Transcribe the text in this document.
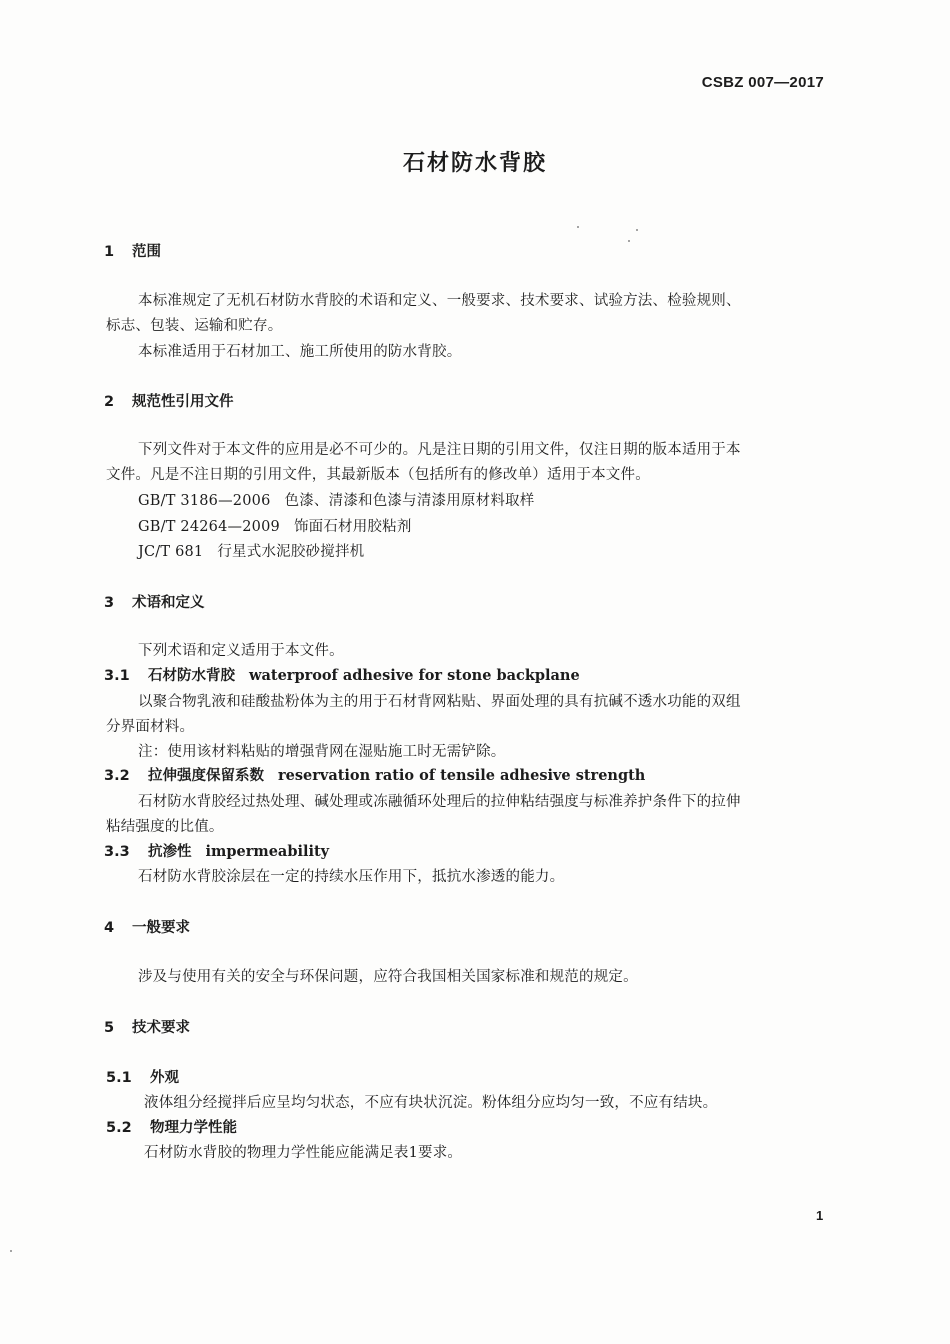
CSBZ 007—2017
石材防水背胶
1 范围
本标准规定了无机石材防水背胶的术语和定义、一般要求、技术要求、试验方法、检验规则、
标志、包装、运输和贮存。
本标准适用于石材加工、施工所使用的防水背胶。
2 规范性引用文件
下列文件对于本文件的应用是必不可少的。凡是注日期的引用文件，仅注日期的版本适用于本
文件。凡是不注日期的引用文件，其最新版本（包括所有的修改单）适用于本文件。
GB/T 3186—2006 色漆、清漆和色漆与清漆用原材料取样
GB/T 24264—2009 饰面石材用胶粘剂
JC/T 681 行星式水泥胶砂搅拌机
3 术语和定义
下列术语和定义适用于本文件。
3.1 石材防水背胶 waterproof adhesive for stone backplane
以聚合物乳液和硅酸盐粉体为主的用于石材背网粘贴、界面处理的具有抗碱不透水功能的双组
分界面材料。
注：使用该材料粘贴的增强背网在湿贴施工时无需铲除。
3.2 拉伸强度保留系数 reservation ratio of tensile adhesive strength
石材防水背胶经过热处理、碱处理或冻融循环处理后的拉伸粘结强度与标准养护条件下的拉伸
粘结强度的比值。
3.3 抗渗性 impermeability
石材防水背胶涂层在一定的持续水压作用下，抵抗水渗透的能力。
4 一般要求
涉及与使用有关的安全与环保问题，应符合我国相关国家标准和规范的规定。
5 技术要求
5.1 外观
液体组分经搅拌后应呈均匀状态，不应有块状沉淀。粉体组分应均匀一致，不应有结块。
5.2 物理力学性能
石材防水背胶的物理力学性能应能满足表1要求。
1
